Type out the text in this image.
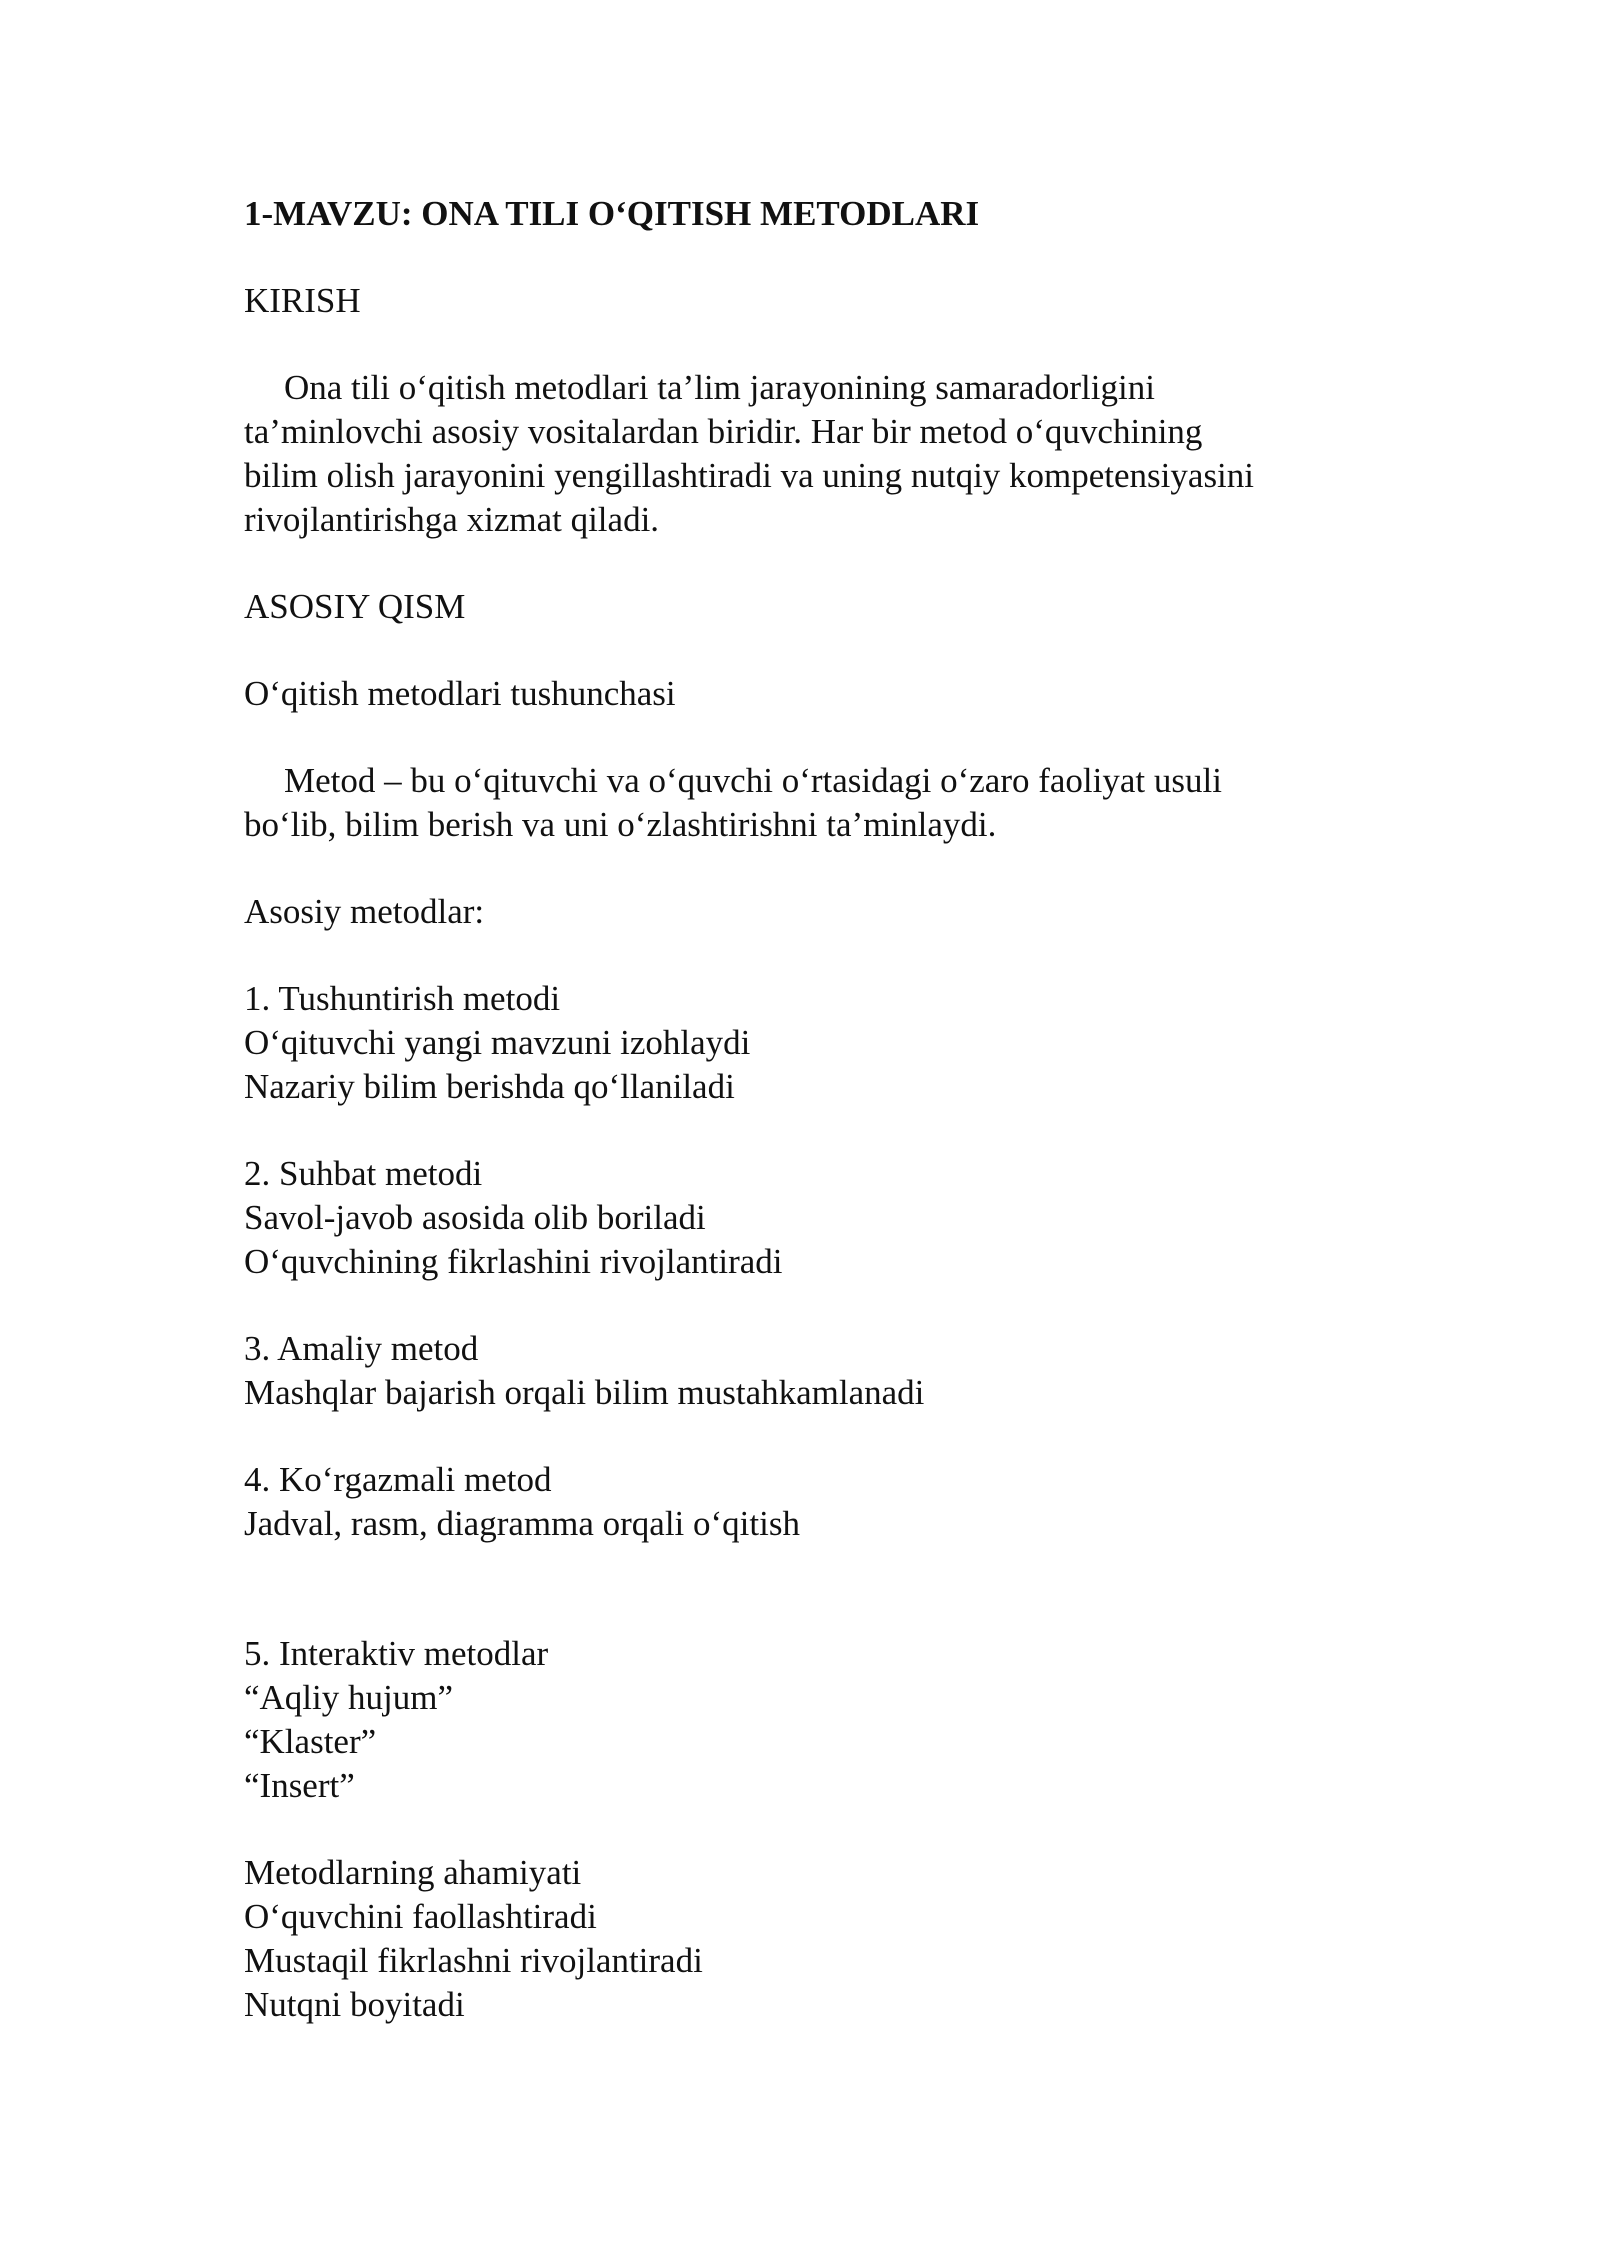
1-MAVZU: ONA TILI O‘QITISH METODLARI

KIRISH

Ona tili o‘qitish metodlari ta’lim jarayonining samaradorligini

ta’minlovchi asosiy vositalardan biridir. Har bir metod o‘quvchining

bilim olish jarayonini yengillashtiradi va uning nutqiy kompetensiyasini

rivojlantirishga xizmat qiladi.

ASOSIY QISM

O‘qitish metodlari tushunchasi

Metod – bu o‘qituvchi va o‘quvchi o‘rtasidagi o‘zaro faoliyat usuli

bo‘lib, bilim berish va uni o‘zlashtirishni ta’minlaydi.

Asosiy metodlar:

1. Tushuntirish metodi

O‘qituvchi yangi mavzuni izohlaydi

Nazariy bilim berishda qo‘llaniladi

2. Suhbat metodi

Savol-javob asosida olib boriladi

O‘quvchining fikrlashini rivojlantiradi

3. Amaliy metod

Mashqlar bajarish orqali bilim mustahkamlanadi

4. Ko‘rgazmali metod

Jadval, rasm, diagramma orqali o‘qitish

5. Interaktiv metodlar

“Aqliy hujum”

“Klaster”

“Insert”

Metodlarning ahamiyati

O‘quvchini faollashtiradi

Mustaqil fikrlashni rivojlantiradi

Nutqni boyitadi
